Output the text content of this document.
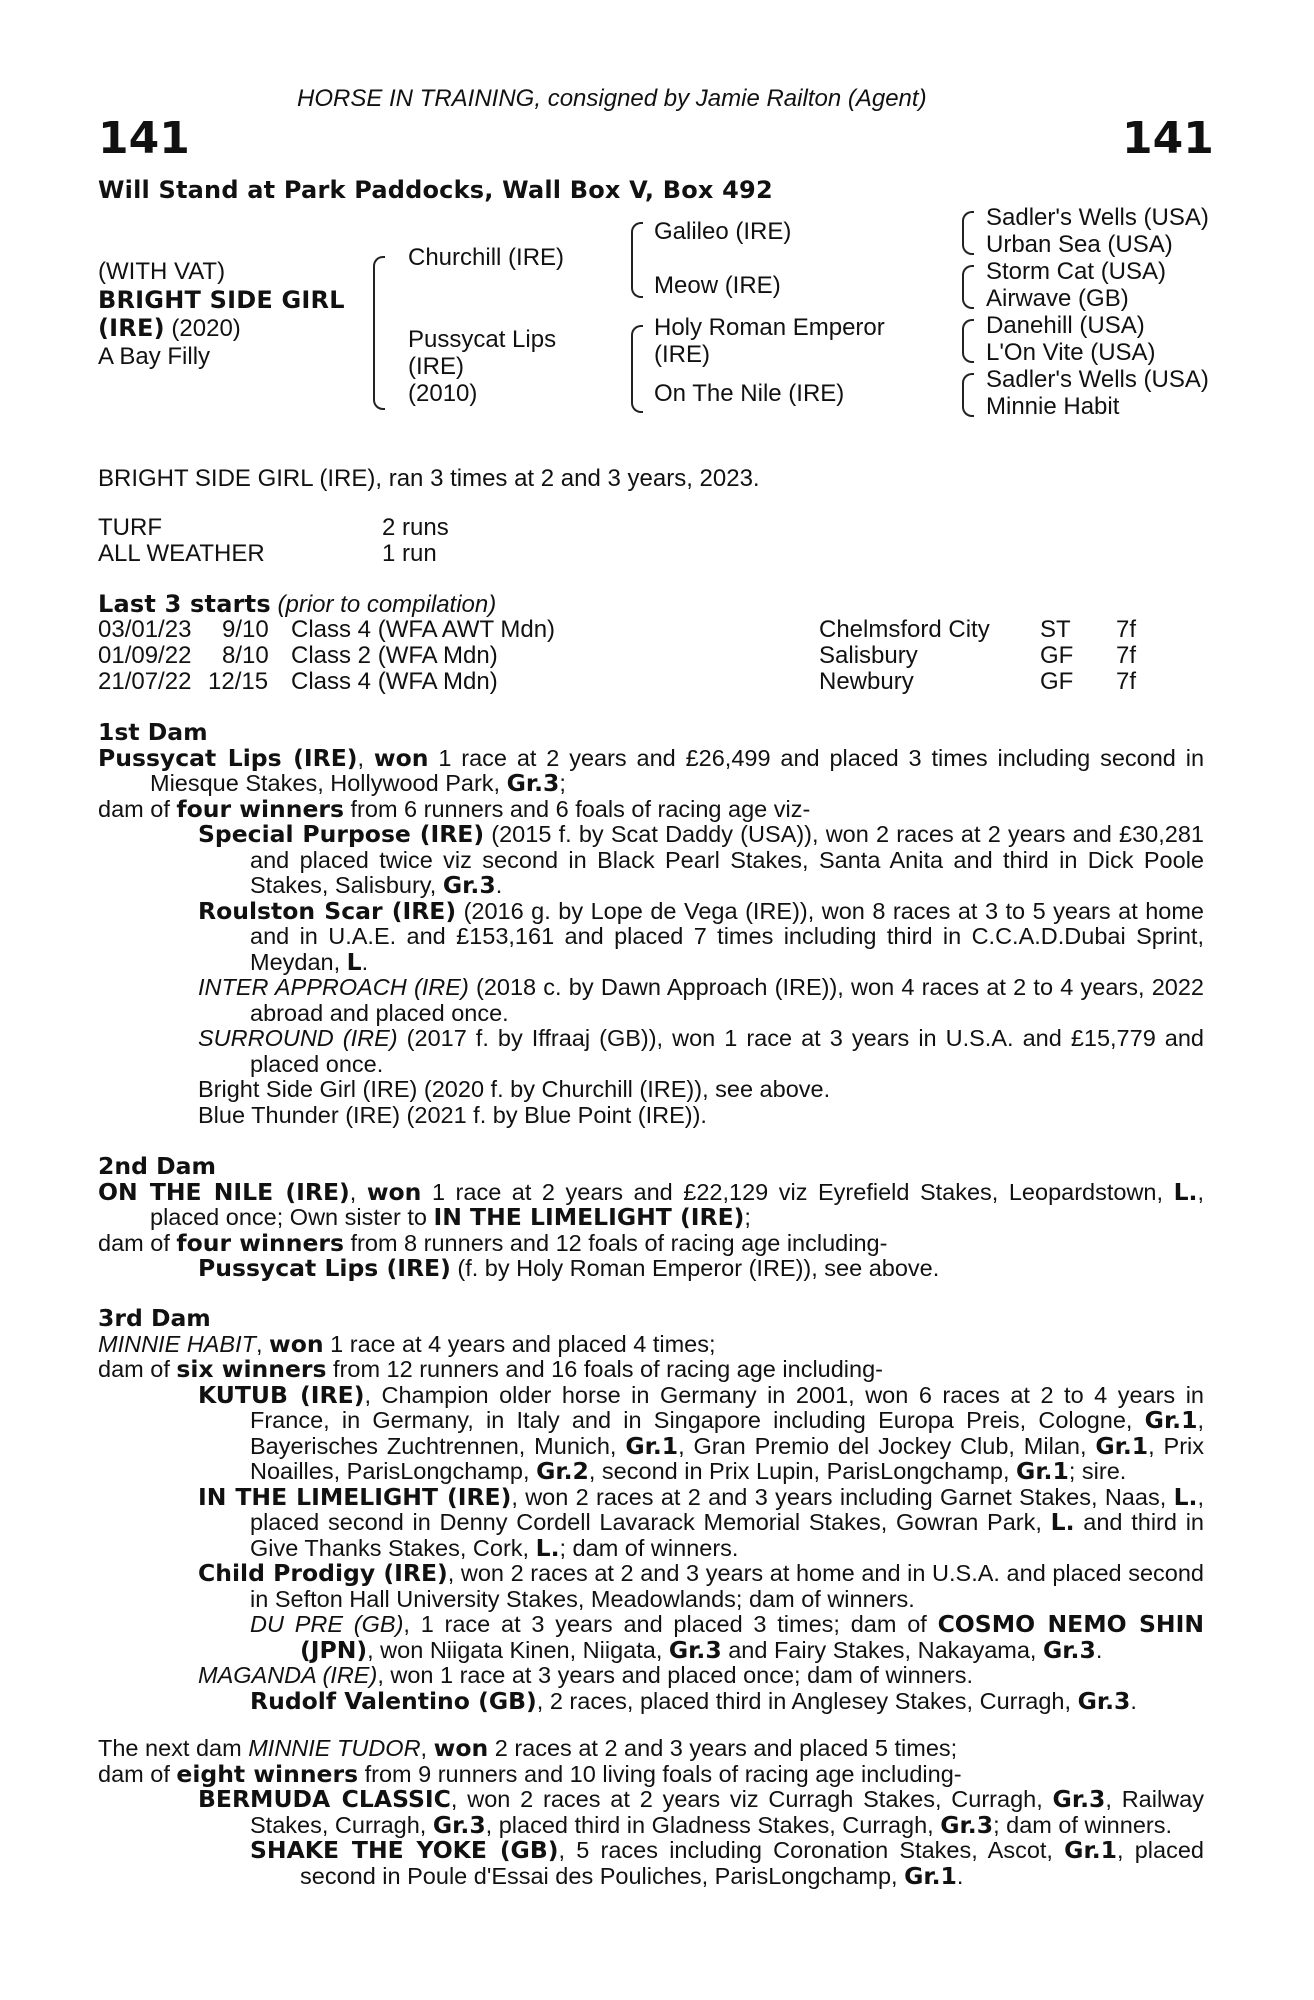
HORSE IN TRAINING, consigned by Jamie Railton (Agent)
141	141
Will Stand at Park Paddocks, Wall Box V, Box 492
(WITH VAT)
BRIGHT SIDE GIRL
(IRE) (2020)
A Bay Filly
Churchill (IRE)
Pussycat Lips
(IRE)
(2010)
Galileo (IRE)
Meow (IRE)
Holy Roman Emperor
(IRE)
On The Nile (IRE)
Sadler's Wells (USA)
Urban Sea (USA)
Storm Cat (USA)
Airwave (GB)
Danehill (USA)
L'On Vite (USA)
Sadler's Wells (USA)
Minnie Habit
BRIGHT SIDE GIRL (IRE), ran 3 times at 2 and 3 years, 2023.
TURF	2 runs
ALL WEATHER	1 run
Last 3 starts (prior to compilation)
03/01/23 9/10 Class 4 (WFA AWT Mdn)	Chelmsford City ST 7f
01/09/22 8/10 Class 2 (WFA Mdn)	Salisbury	GF 7f
21/07/22 12/15 Class 4 (WFA Mdn)	Newbury	GF 7f

1st Dam

Pussycat Lips (IRE), won 1 race at 2 years and £26,499 and placed 3 times including second in Miesque Stakes, Hollywood Park, Gr.3;

dam of four winners from 6 runners and 6 foals of racing age viz-

Special Purpose (IRE) (2015 f. by Scat Daddy (USA)), won 2 races at 2 years and £30,281 and placed twice viz second in Black Pearl Stakes, Santa Anita and third in Dick Poole Stakes, Salisbury, Gr.3.

Roulston Scar (IRE) (2016 g. by Lope de Vega (IRE)), won 8 races at 3 to 5 years at home and in U.A.E. and £153,161 and placed 7 times including third in C.C.A.D.Dubai Sprint, Meydan, L.

INTER APPROACH (IRE) (2018 c. by Dawn Approach (IRE)), won 4 races at 2 to 4 years, 2022 abroad and placed once.

SURROUND (IRE) (2017 f. by Iffraaj (GB)), won 1 race at 3 years in U.S.A. and £15,779 and placed once.

Bright Side Girl (IRE) (2020 f. by Churchill (IRE)), see above.

Blue Thunder (IRE) (2021 f. by Blue Point (IRE)).

2nd Dam

ON THE NILE (IRE), won 1 race at 2 years and £22,129 viz Eyrefield Stakes, Leopardstown, L., placed once; Own sister to IN THE LIMELIGHT (IRE);

dam of four winners from 8 runners and 12 foals of racing age including-

Pussycat Lips (IRE) (f. by Holy Roman Emperor (IRE)), see above.

3rd Dam

MINNIE HABIT, won 1 race at 4 years and placed 4 times;

dam of six winners from 12 runners and 16 foals of racing age including-

KUTUB (IRE), Champion older horse in Germany in 2001, won 6 races at 2 to 4 years in France, in Germany, in Italy and in Singapore including Europa Preis, Cologne, Gr.1, Bayerisches Zuchtrennen, Munich, Gr.1, Gran Premio del Jockey Club, Milan, Gr.1, Prix Noailles, ParisLongchamp, Gr.2, second in Prix Lupin, ParisLongchamp, Gr.1; sire.

IN THE LIMELIGHT (IRE), won 2 races at 2 and 3 years including Garnet Stakes, Naas, L., placed second in Denny Cordell Lavarack Memorial Stakes, Gowran Park, L. and third in Give Thanks Stakes, Cork, L.; dam of winners.

Child Prodigy (IRE), won 2 races at 2 and 3 years at home and in U.S.A. and placed second in Sefton Hall University Stakes, Meadowlands; dam of winners.

DU PRE (GB), 1 race at 3 years and placed 3 times; dam of COSMO NEMO SHIN (JPN), won Niigata Kinen, Niigata, Gr.3 and Fairy Stakes, Nakayama, Gr.3.

MAGANDA (IRE), won 1 race at 3 years and placed once; dam of winners.

Rudolf Valentino (GB), 2 races, placed third in Anglesey Stakes, Curragh, Gr.3.

The next dam MINNIE TUDOR, won 2 races at 2 and 3 years and placed 5 times;

dam of eight winners from 9 runners and 10 living foals of racing age including-

BERMUDA CLASSIC, won 2 races at 2 years viz Curragh Stakes, Curragh, Gr.3, Railway Stakes, Curragh, Gr.3, placed third in Gladness Stakes, Curragh, Gr.3; dam of winners.

SHAKE THE YOKE (GB), 5 races including Coronation Stakes, Ascot, Gr.1, placed second in Poule d'Essai des Pouliches, ParisLongchamp, Gr.1.
